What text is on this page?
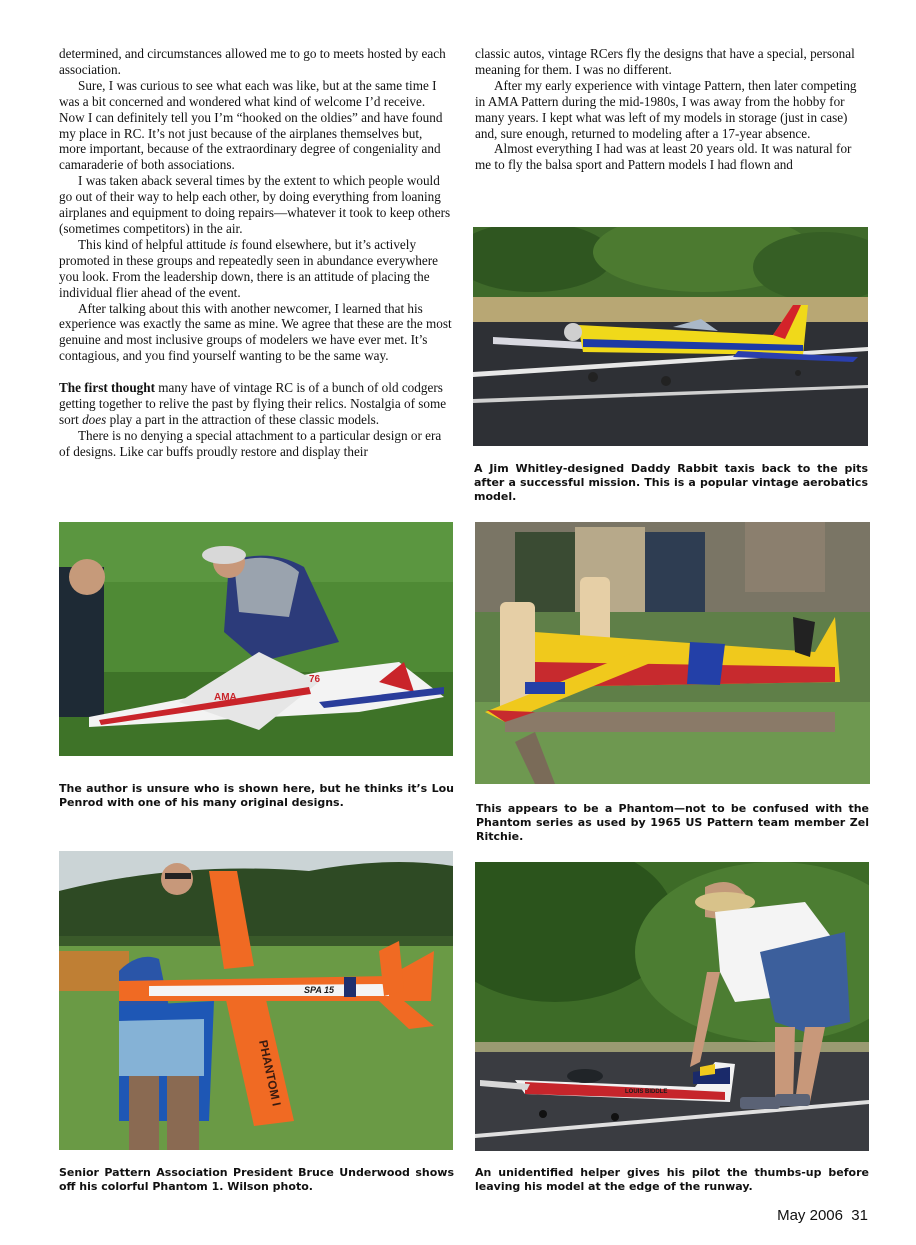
determined, and circumstances allowed me to go to meets hosted by each association.

Sure, I was curious to see what each was like, but at the same time I was a bit concerned and wondered what kind of welcome I’d receive. Now I can definitely tell you I’m “hooked on the oldies” and have found my place in RC. It’s not just because of the airplanes themselves but, more important, because of the extraordinary degree of congeniality and camaraderie of both associations.

I was taken aback several times by the extent to which people would go out of their way to help each other, by doing everything from loaning airplanes and equipment to doing repairs—whatever it took to keep others (sometimes competitors) in the air.

This kind of helpful attitude is found elsewhere, but it’s actively promoted in these groups and repeatedly seen in abundance everywhere you look. From the leadership down, there is an attitude of placing the individual flier ahead of the event.

After talking about this with another newcomer, I learned that his experience was exactly the same as mine. We agree that these are the most genuine and most inclusive groups of modelers we have ever met. It’s contagious, and you find yourself wanting to be the same way.

The first thought many have of vintage RC is of a bunch of old codgers getting together to relive the past by flying their relics. Nostalgia of some sort does play a part in the attraction of these classic models.

There is no denying a special attachment to a particular design or era of designs. Like car buffs proudly restore and display their

classic autos, vintage RCers fly the designs that have a special, personal meaning for them. I was no different.

After my early experience with vintage Pattern, then later competing in AMA Pattern during the mid-1980s, I was away from the hobby for many years. I kept what was left of my models in storage (just in case) and, sure enough, returned to modeling after a 17-year absence.

Almost everything I had was at least 20 years old. It was natural for me to fly the balsa sport and Pattern models I had flown and

A Jim Whitley-designed Daddy Rabbit taxis back to the pits after a successful mission. This is a popular vintage aerobatics model.
AMA
76
The author is unsure who is shown here, but he thinks it’s Lou Penrod with one of his many original designs.	This appears to be a Phantom—not to be confused with the Phantom series as used by 1965 US Pattern team member Zel Ritchie.
SPA 15
PHANTOM I
Senior Pattern Association President Bruce Underwood shows off his colorful Phantom 1. Wilson photo.
LOUIS BIDDLE
An unidentified helper gives his pilot the thumbs-up before leaving his model at the edge of the runway.
May 2006  31
